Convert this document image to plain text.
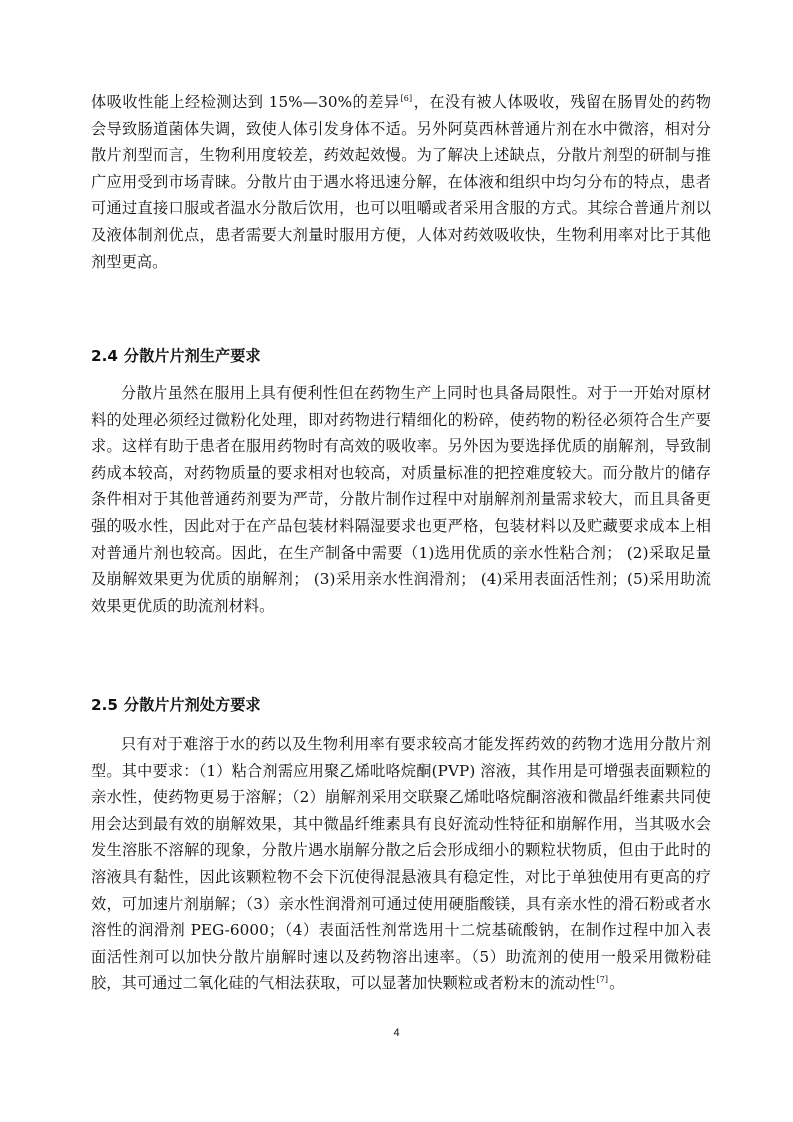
体吸收性能上经检测达到 15%—30%的差异[6]，在没有被人体吸收，残留在肠胃处的药物会导致肠道菌体失调，致使人体引发身体不适。另外阿莫西林普通片剂在水中微溶，相对分散片剂型而言，生物利用度较差，药效起效慢。为了解决上述缺点，分散片剂型的研制与推广应用受到市场青睐。分散片由于遇水将迅速分解，在体液和组织中均匀分布的特点，患者可通过直接口服或者温水分散后饮用，也可以咀嚼或者采用含服的方式。其综合普通片剂以及液体制剂优点，患者需要大剂量时服用方便，人体对药效吸收快，生物利用率对比于其他剂型更高。

2.4 分散片片剂生产要求

分散片虽然在服用上具有便利性但在药物生产上同时也具备局限性。对于一开始对原材料的处理必须经过微粉化处理，即对药物进行精细化的粉碎，使药物的粉径必须符合生产要求。这样有助于患者在服用药物时有高效的吸收率。另外因为要选择优质的崩解剂，导致制药成本较高，对药物质量的要求相对也较高，对质量标准的把控难度较大。而分散片的储存条件相对于其他普通药剂要为严苛，分散片制作过程中对崩解剂剂量需求较大，而且具备更强的吸水性，因此对于在产品包装材料隔湿要求也更严格，包装材料以及贮藏要求成本上相对普通片剂也较高。因此，在生产制备中需要（1)选用优质的亲水性粘合剂； (2)采取足量及崩解效果更为优质的崩解剂； (3)采用亲水性润滑剂； (4)采用表面活性剂；(5)采用助流效果更优质的助流剂材料。

2.5 分散片片剂处方要求

只有对于难溶于水的药以及生物利用率有要求较高才能发挥药效的药物才选用分散片剂型。其中要求：（1）粘合剂需应用聚乙烯吡咯烷酮(PVP) 溶液，其作用是可增强表面颗粒的亲水性，使药物更易于溶解；（2）崩解剂采用交联聚乙烯吡咯烷酮溶液和微晶纤维素共同使用会达到最有效的崩解效果，其中微晶纤维素具有良好流动性特征和崩解作用，当其吸水会发生溶胀不溶解的现象，分散片遇水崩解分散之后会形成细小的颗粒状物质，但由于此时的溶液具有黏性，因此该颗粒物不会下沉使得混悬液具有稳定性，对比于单独使用有更高的疗效，可加速片剂崩解；（3）亲水性润滑剂可通过使用硬脂酸镁，具有亲水性的滑石粉或者水溶性的润滑剂 PEG-6000；（4）表面活性剂常选用十二烷基硫酸钠，在制作过程中加入表面活性剂可以加快分散片崩解时速以及药物溶出速率。（5）助流剂的使用一般采用微粉硅胶，其可通过二氧化硅的气相法获取，可以显著加快颗粒或者粉末的流动性[7]。

4
